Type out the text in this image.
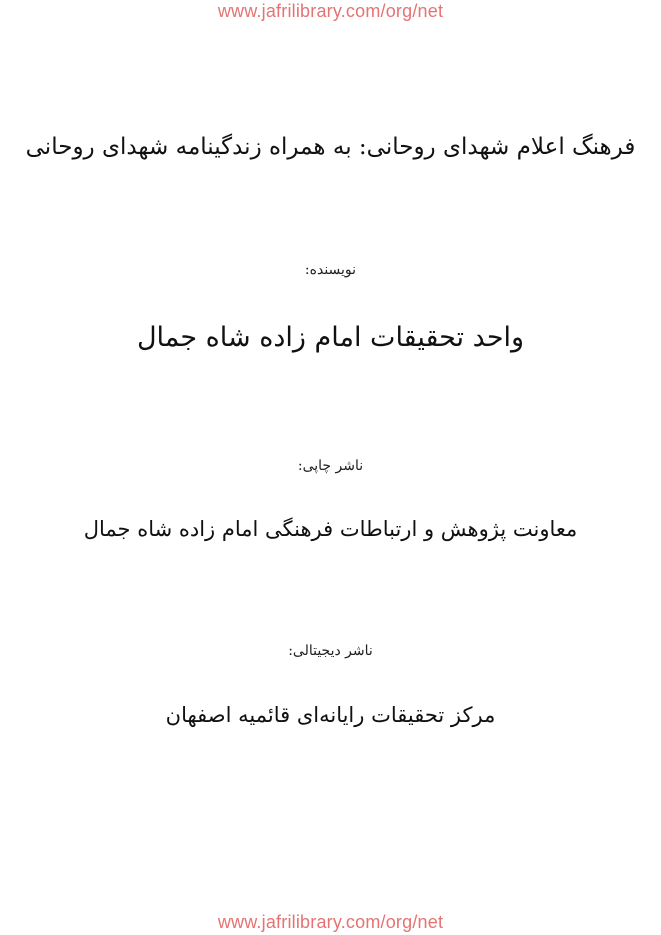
www.jafrilibrary.com/org/net
فرهنگ اعلام شهدای روحانی: به همراه زندگینامه شهدای روحانی
نویسنده:
واحد تحقیقات امام زاده شاه جمال
ناشر چاپی:
معاونت پژوهش و ارتباطات فرهنگی امام زاده شاه جمال
ناشر دیجیتالی:
مرکز تحقیقات رایانه‌ای قائمیه اصفهان
www.jafrilibrary.com/org/net
